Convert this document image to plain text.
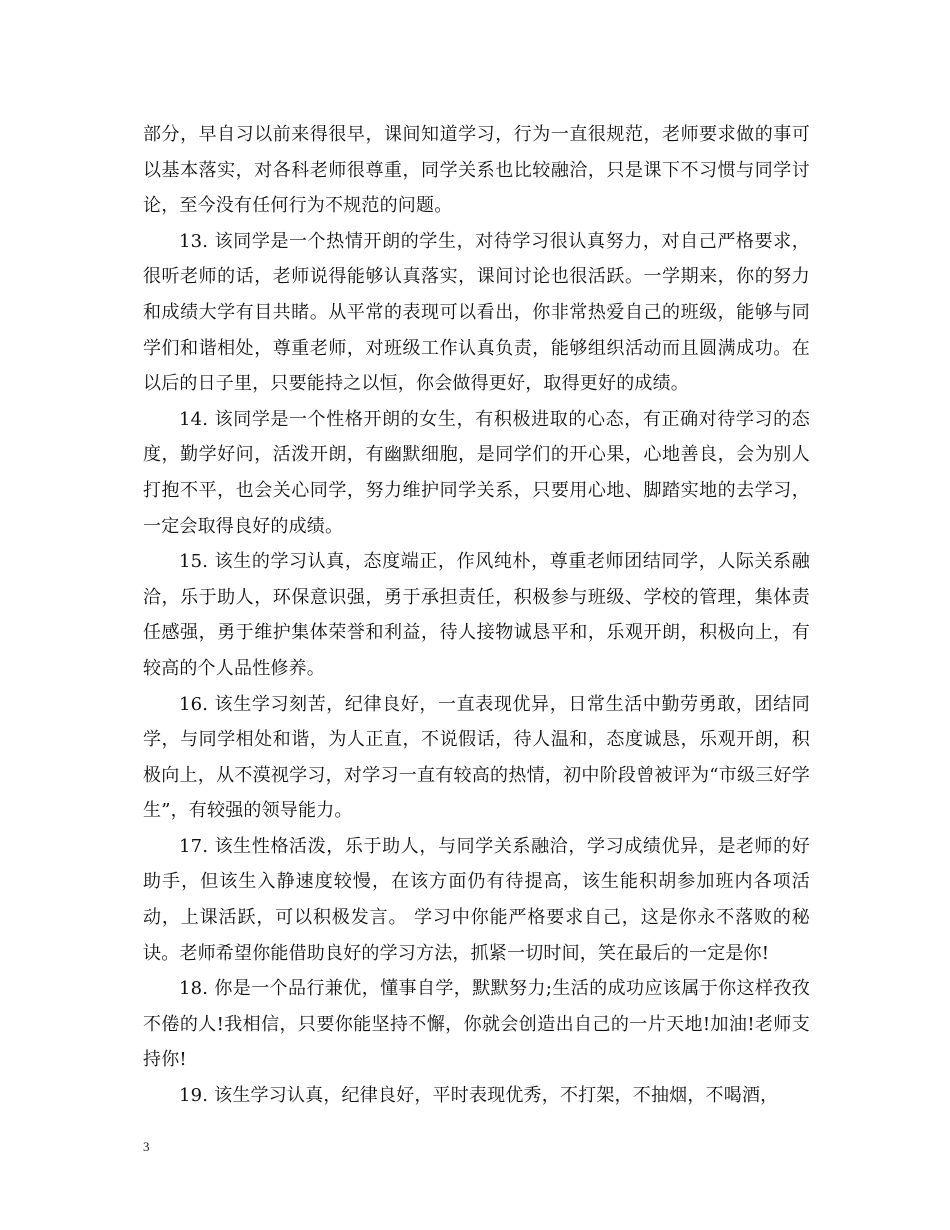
部分，早自习以前来得很早，课间知道学习，行为一直很规范，老师要求做的事可以基本落实，对各科老师很尊重，同学关系也比较融洽，只是课下不习惯与同学讨论，至今没有任何行为不规范的问题。

13. 该同学是一个热情开朗的学生，对待学习很认真努力，对自己严格要求，很听老师的话，老师说得能够认真落实，课间讨论也很活跃。一学期来，你的努力和成绩大学有目共睹。从平常的表现可以看出，你非常热爱自己的班级，能够与同学们和谐相处，尊重老师，对班级工作认真负责，能够组织活动而且圆满成功。在以后的日子里，只要能持之以恒，你会做得更好，取得更好的成绩。

14. 该同学是一个性格开朗的女生，有积极进取的心态，有正确对待学习的态度，勤学好问，活泼开朗，有幽默细胞，是同学们的开心果，心地善良，会为别人打抱不平，也会关心同学，努力维护同学关系，只要用心地、脚踏实地的去学习，一定会取得良好的成绩。

15. 该生的学习认真，态度端正，作风纯朴，尊重老师团结同学，人际关系融洽，乐于助人，环保意识强，勇于承担责任，积极参与班级、学校的管理，集体责任感强，勇于维护集体荣誉和利益，待人接物诚恳平和，乐观开朗，积极向上，有较高的个人品性修养。

16. 该生学习刻苦，纪律良好，一直表现优异，日常生活中勤劳勇敢，团结同学，与同学相处和谐，为人正直，不说假话，待人温和，态度诚恳，乐观开朗，积极向上，从不漠视学习，对学习一直有较高的热情，初中阶段曾被评为“市级三好学生”，有较强的领导能力。

17. 该生性格活泼，乐于助人，与同学关系融洽，学习成绩优异，是老师的好助手，但该生入静速度较慢，在该方面仍有待提高，该生能积胡参加班内各项活动，上课活跃，可以积极发言。 学习中你能严格要求自己，这是你永不落败的秘诀。老师希望你能借助良好的学习方法，抓紧一切时间，笑在最后的一定是你!

18. 你是一个品行兼优，懂事自学，默默努力;生活的成功应该属于你这样孜孜不倦的人!我相信，只要你能坚持不懈，你就会创造出自己的一片天地!加油!老师支持你!

19. 该生学习认真，纪律良好，平时表现优秀，不打架，不抽烟，不喝酒，

3
